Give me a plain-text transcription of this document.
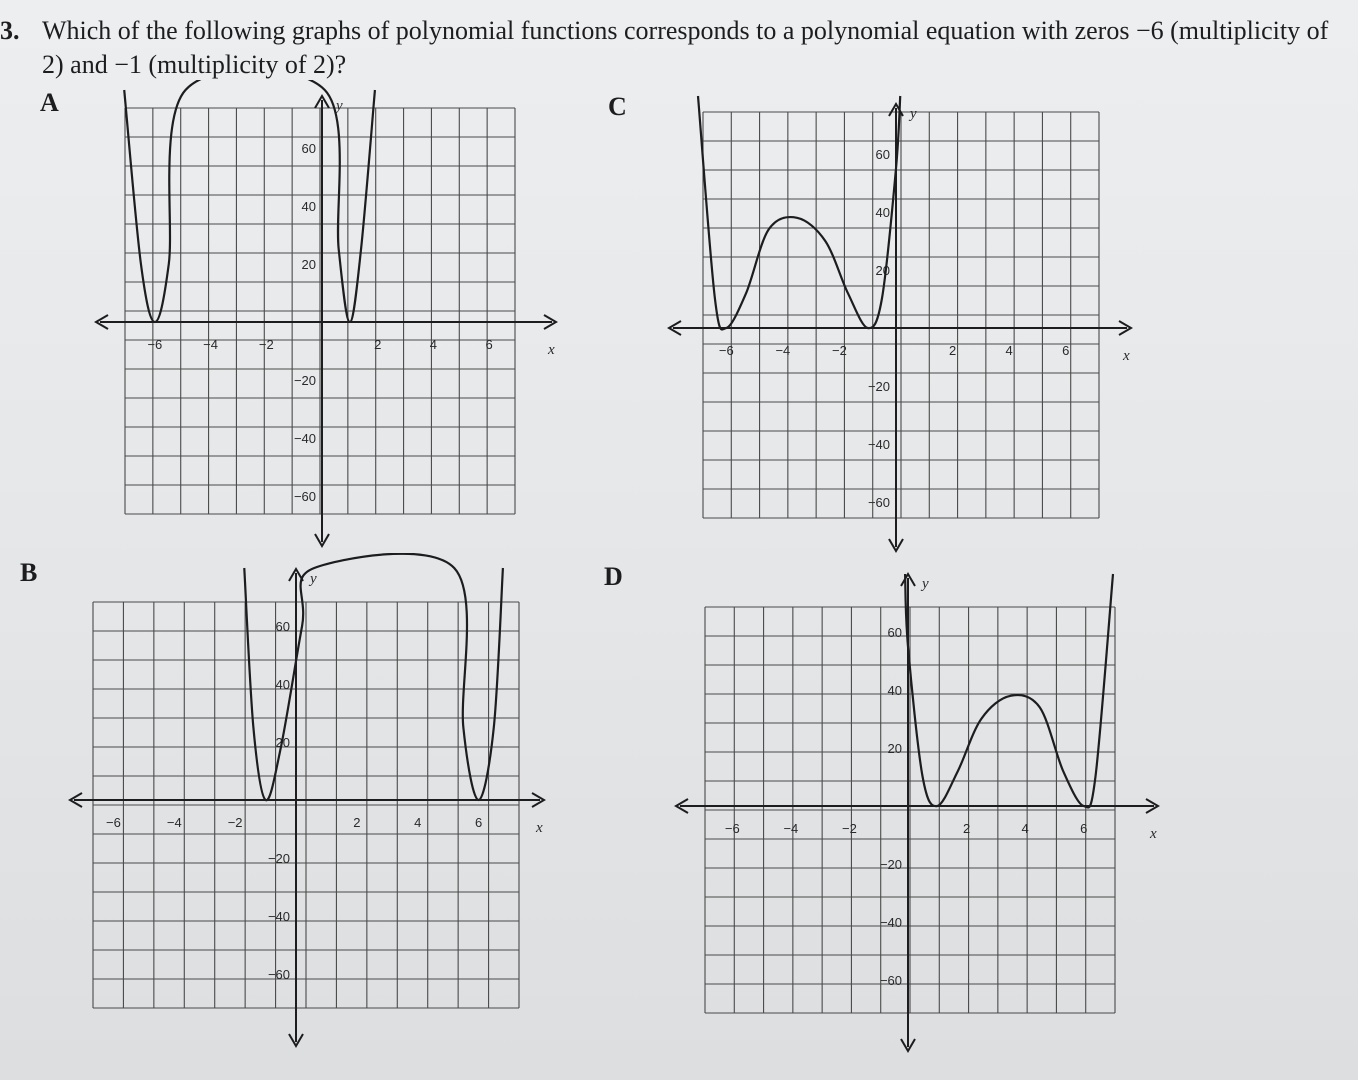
3. Which of the following graphs of polynomial functions corresponds to a polynomial equation with zeros −6 (multiplicity of 2) and −1 (multiplicity of 2)?
A	C
B	D
−6	−4	−2	2	4	6
60
40
20
−20
−40
−60
x
y
−6	−4	−2	2	4	6
60
40
20
−20
−40
−60
x
y
−6	−4	−2	2	4	6
60
40
20
−20
−40
−60
x
y
−6	−4	−2	2	4	6
60
40
20
−20
−40
−60
x
y
